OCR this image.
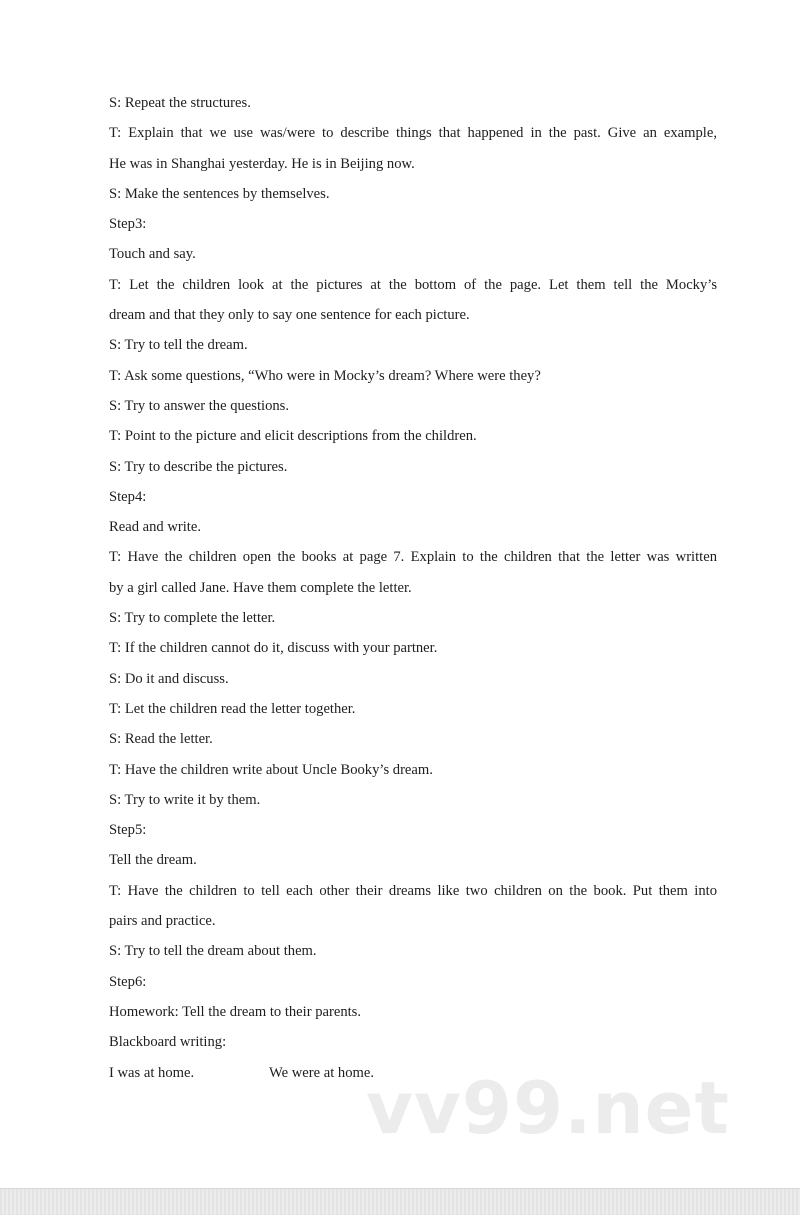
S: Repeat the structures.
T: Explain that we use was/were to describe things that happened in the past. Give an example,
He was in Shanghai yesterday. He is in Beijing now.
S: Make the sentences by themselves.
Step3:
Touch and say.
T: Let the children look at the pictures at the bottom of the page. Let them tell the Mocky’s
dream and that they only to say one sentence for each picture.
S: Try to tell the dream.
T: Ask some questions, “Who were in Mocky’s dream? Where were they?
S: Try to answer the questions.
T: Point to the picture and elicit descriptions from the children.
S: Try to describe the pictures.
Step4:
Read and write.
T: Have the children open the books at page 7. Explain to the children that the letter was written
by a girl called Jane. Have them complete the letter.
S: Try to complete the letter.
T: If the children cannot do it, discuss with your partner.
S: Do it and discuss.
T: Let the children read the letter together.
S: Read the letter.
T: Have the children write about Uncle Booky’s dream.
S: Try to write it by them.
Step5:
Tell the dream.
T: Have the children to tell each other their dreams like two children on the book. Put them into
pairs and practice.
S: Try to tell the dream about them.
Step6:
Homework: Tell the dream to their parents.
Blackboard writing:
I was at home.	We were at home.
vv99.net
